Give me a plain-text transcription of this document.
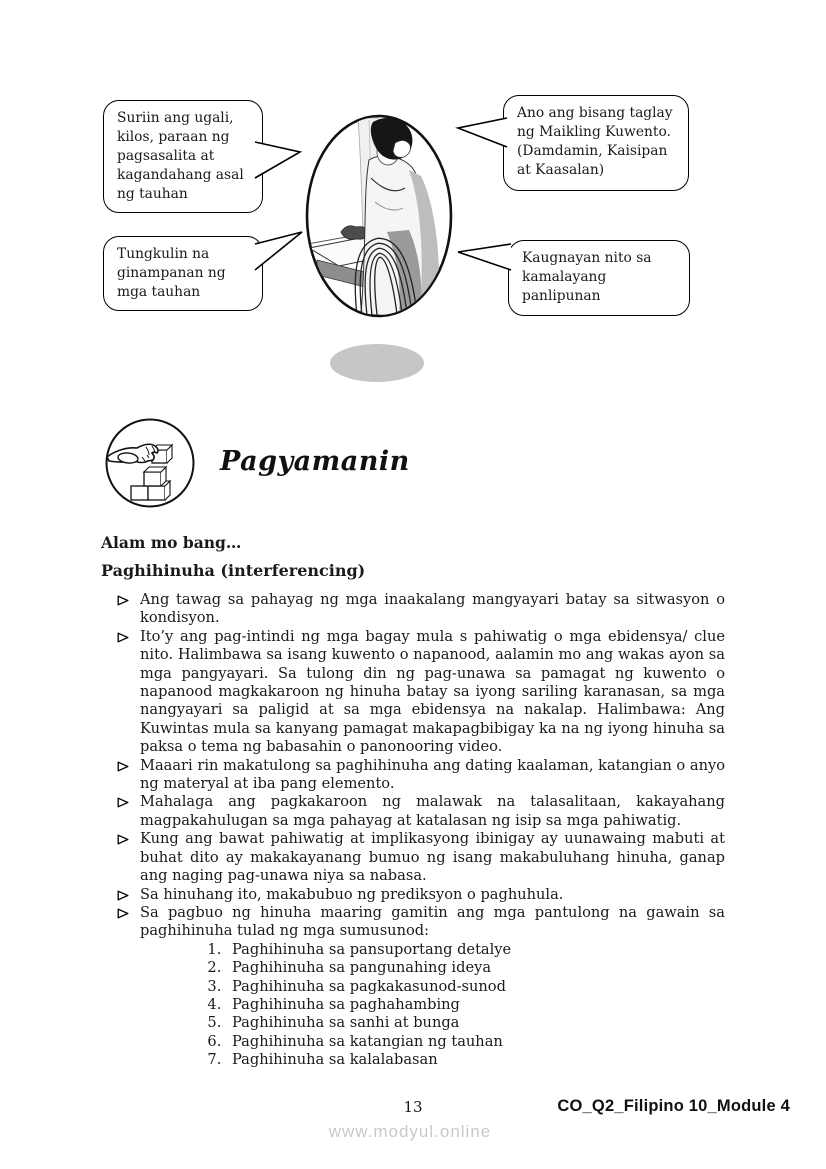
Suriin ang ugali, kilos, paraan ng pagsasalita at kagandahang asal ng tauhan
Ano ang bisang taglay ng Maikling Kuwento. (Damdamin, Kaisipan at Kaasalan)
Tungkulin na ginampanan ng mga tauhan
Kaugnayan nito sa kamalayang panlipunan
Pagyamanin
Alam mo bang…
Paghihinuha (interferencing)
Ang tawag sa pahayag ng mga inaakalang mangyayari batay sa sitwasyon o kondisyon.
Ito’y ang pag-intindi ng mga bagay mula s pahiwatig o mga ebidensya/ clue nito. Halimbawa sa isang kuwento o napanood, aalamin mo ang wakas ayon sa mga pangyayari. Sa tulong din ng pag-unawa sa pamagat ng kuwento o napanood magkakaroon ng hinuha batay sa iyong sariling karanasan, sa mga nangyayari sa paligid at sa mga ebidensya na nakalap. Halimbawa: Ang Kuwintas mula sa kanyang pamagat makapagbibigay ka na ng iyong hinuha sa paksa o tema ng babasahin o panonooring video.
Maaari rin makatulong sa paghihinuha ang dating kaalaman, katangian o anyo ng materyal at iba pang elemento.
Mahalaga ang pagkakaroon ng malawak na talasalitaan, kakayahang magpakahulugan sa mga pahayag at katalasan ng isip sa mga pahiwatig.
Kung ang bawat pahiwatig at implikasyong ibinigay ay uunawaing mabuti at buhat dito ay makakayanang bumuo ng isang makabuluhang hinuha, ganap ang naging pag-unawa niya sa nabasa.
Sa hinuhang ito, makabubuo ng prediksyon o paghuhula.
Sa pagbuo ng hinuha maaring gamitin ang mga pantulong na gawain sa paghihinuha tulad ng mga sumusunod:
1. Paghihinuha sa pansuportang detalye
2. Paghihinuha sa pangunahing ideya
3. Paghihinuha sa pagkakasunod-sunod
4. Paghihinuha sa paghahambing
5. Paghihinuha sa sanhi at bunga
6. Paghihinuha sa katangian ng tauhan
7. Paghihinuha sa kalalabasan
13	CO_Q2_Filipino 10_Module 4
www.modyul.online
